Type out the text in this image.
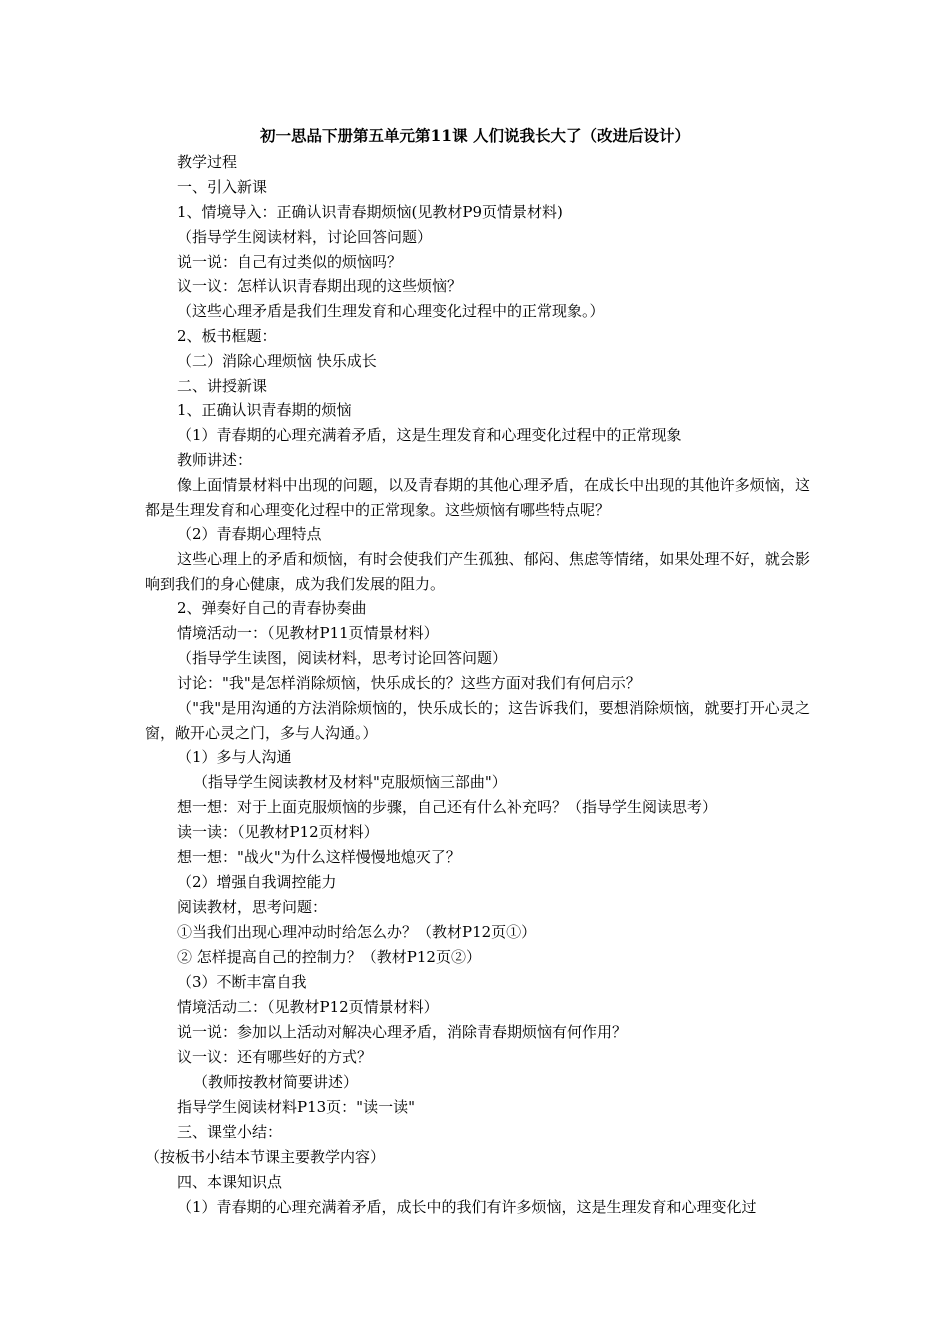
初一思品下册第五单元第11课 人们说我长大了（改进后设计）
教学过程
一、引入新课
1、情境导入：正确认识青春期烦恼(见教材P9页情景材料)
（指导学生阅读材料，讨论回答问题）
说一说：自己有过类似的烦恼吗？
议一议：怎样认识青春期出现的这些烦恼？
（这些心理矛盾是我们生理发育和心理变化过程中的正常现象。）
2、板书框题：
（二）消除心理烦恼 快乐成长
二、讲授新课
1、正确认识青春期的烦恼
（1）青春期的心理充满着矛盾，这是生理发育和心理变化过程中的正常现象
教师讲述：
像上面情景材料中出现的问题，以及青春期的其他心理矛盾，在成长中出现的其他许多烦恼，这都是生理发育和心理变化过程中的正常现象。这些烦恼有哪些特点呢？
（2）青春期心理特点
这些心理上的矛盾和烦恼，有时会使我们产生孤独、郁闷、焦虑等情绪，如果处理不好，就会影响到我们的身心健康，成为我们发展的阻力。
2、弹奏好自己的青春协奏曲
情境活动一：（见教材P11页情景材料）
（指导学生读图，阅读材料，思考讨论回答问题）
讨论："我"是怎样消除烦恼，快乐成长的？这些方面对我们有何启示？
（"我"是用沟通的方法消除烦恼的，快乐成长的；这告诉我们，要想消除烦恼，就要打开心灵之窗，敞开心灵之门，多与人沟通。）
（1）多与人沟通
（指导学生阅读教材及材料"克服烦恼三部曲"）
想一想：对于上面克服烦恼的步骤，自己还有什么补充吗？（指导学生阅读思考）
读一读：（见教材P12页材料）
想一想："战火"为什么这样慢慢地熄灭了？
（2）增强自我调控能力
阅读教材，思考问题：
①当我们出现心理冲动时给怎么办？（教材P12页①）
② 怎样提高自己的控制力？（教材P12页②）
（3）不断丰富自我
情境活动二：（见教材P12页情景材料）
说一说：参加以上活动对解决心理矛盾，消除青春期烦恼有何作用？
议一议：还有哪些好的方式？
（教师按教材简要讲述）
指导学生阅读材料P13页："读一读"
三、课堂小结：
（按板书小结本节课主要教学内容）
四、本课知识点
（1）青春期的心理充满着矛盾，成长中的我们有许多烦恼，这是生理发育和心理变化过
